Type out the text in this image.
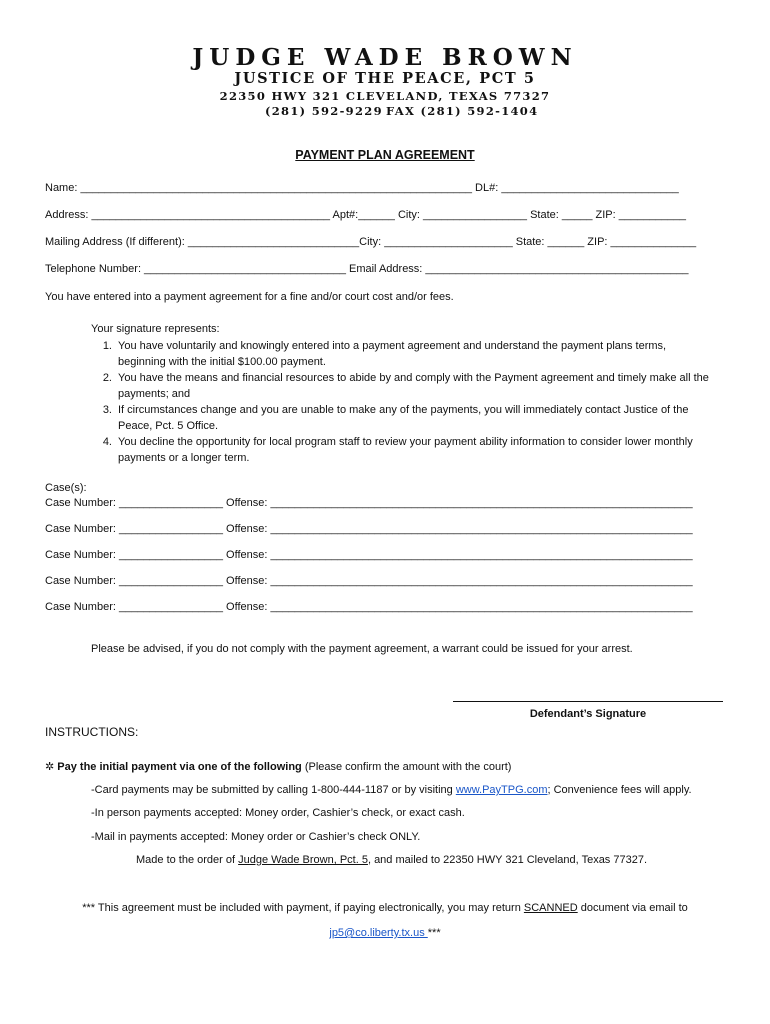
JUDGE WADE BROWN
JUSTICE OF THE PEACE, PCT 5
22350 HWY 321 CLEVELAND, TEXAS 77327
(281) 592-9229 FAX (281) 592-1404
PAYMENT PLAN AGREEMENT
Name: ________________________________________________________________ DL#: _____________________________
Address: _______________________________________ Apt#:______ City: _________________ State: _____ ZIP: ___________
Mailing Address (If different): ____________________________City: _____________________ State: ______ ZIP: ______________
Telephone Number: _________________________________ Email Address: ___________________________________________
You have entered into a payment agreement for a fine and/or court cost and/or fees.
Your signature represents:
1. You have voluntarily and knowingly entered into a payment agreement and understand the payment plans terms, beginning with the initial $100.00 payment.
2. You have the means and financial resources to abide by and comply with the Payment agreement and timely make all the payments; and
3. If circumstances change and you are unable to make any of the payments, you will immediately contact Justice of the Peace, Pct. 5 Office.
4. You decline the opportunity for local program staff to review your payment ability information to consider lower monthly payments or a longer term.
Case(s):
Case Number: _________________ Offense: _____________________________________________________________________
Case Number: _________________ Offense: _____________________________________________________________________
Case Number: _________________ Offense: _____________________________________________________________________
Case Number: _________________ Offense: _____________________________________________________________________
Case Number: _________________ Offense: _____________________________________________________________________
Please be advised, if you do not comply with the payment agreement, a warrant could be issued for your arrest.
Defendant’s Signature
INSTRUCTIONS:
✲ Pay the initial payment via one of the following (Please confirm the amount with the court)
-Card payments may be submitted by calling 1-800-444-1187 or by visiting www.PayTPG.com; Convenience fees will apply.
-In person payments accepted: Money order, Cashier’s check, or exact cash.
-Mail in payments accepted: Money order or Cashier’s check ONLY.
Made to the order of Judge Wade Brown, Pct. 5, and mailed to 22350 HWY 321 Cleveland, Texas 77327.
*** This agreement must be included with payment, if paying electronically, you may return SCANNED document via email to
jp5@co.liberty.tx.us ***
